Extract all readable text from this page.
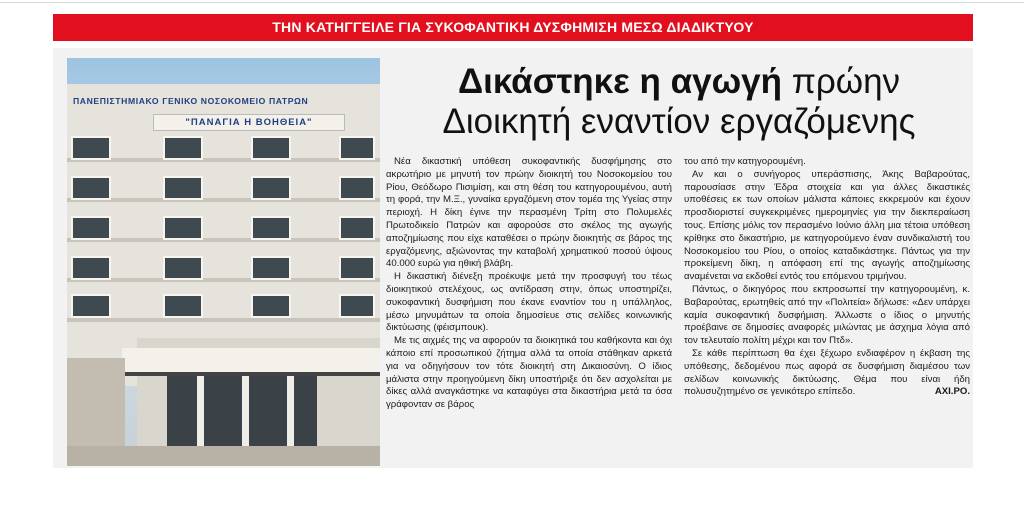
ΤΗΝ ΚΑΤΗΓΓΕΙΛΕ ΓΙΑ ΣΥΚΟΦΑΝΤΙΚΗ ΔΥΣΦΗΜΙΣΗ ΜΕΣΩ ΔΙΑΔΙΚΤΥΟΥ
ΠΑΝΕΠΙΣΤΗΜΙΑΚΟ ΓΕΝΙΚΟ ΝΟΣΟΚΟΜΕΙΟ ΠΑΤΡΩΝ
"ΠΑΝΑΓΙΑ Η ΒΟΗΘΕΙΑ"
Δικάστηκε η αγωγή πρώην
Διοικητή εναντίον εργαζόμενης

Νέα δικαστική υπόθεση συκοφαντικής δυσφήμησης στο ακρωτήριο με μηνυτή τον πρώην διοικητή του Νοσοκομείου του Ρίου, Θεόδωρο Πισιμίση, και στη θέση του κατηγορουμένου, αυτή τη φορά, την Μ.Ξ., γυναίκα εργαζόμενη στον τομέα της Υγείας στην περιοχή. Η δίκη έγινε την περασμένη Τρίτη στο Πολυμελές Πρωτοδικείο Πατρών και αφορούσε στο σκέλος της αγωγής αποζημίωσης που είχε καταθέσει ο πρώην διοικητής σε βάρος της εργαζόμενης, αξιώνοντας την καταβολή χρηματικού ποσού ύψους 40.000 ευρώ για ηθική βλάβη.

Η δικαστική διένεξη προέκυψε μετά την προσφυγή του τέως διοικητικού στελέχους, ως αντίδραση στην, όπως υποστηρίζει, συκοφαντική δυσφήμιση που έκανε εναντίον του η υπάλληλος, μέσω μηνυμάτων τα οποία δημοσίευε στις σελίδες κοινωνικής δικτύωσης (φέισμπουκ).

Με τις αιχμές της να αφορούν τα διοικητικά του καθήκοντα και όχι κάποιο επί προσωπικού ζήτημα αλλά τα οποία στάθηκαν αρκετά για να οδηγήσουν τον τότε διοικητή στη Δικαιοσύνη. Ο ίδιος μάλιστα στην προηγούμενη δίκη υποστήριξε ότι δεν ασχολείται με δίκες αλλά αναγκάστηκε να καταφύγει στα δικαστήρια μετά τα όσα γράφονταν σε βάρος

του από την κατηγορουμένη.

Αν και ο συνήγορος υπεράσπισης, Άκης Βαβαρούτας, παρουσίασε στην Έδρα στοιχεία και για άλλες δικαστικές υποθέσεις εκ των οποίων μάλιστα κάποιες εκκρεμούν και έχουν προσδιοριστεί συγκεκριμένες ημερομηνίες για την διεκπεραίωση τους. Επίσης μόλις τον περασμένο Ιούνιο άλλη μια τέτοια υπόθεση κρίθηκε στο δικαστήριο, με κατηγορούμενο έναν συνδικαλιστή του Νοσοκομείου του Ρίου, ο οποίος καταδικάστηκε. Πάντως για την προκείμενη δίκη, η απόφαση επί της αγωγής αποζημίωσης αναμένεται να εκδοθεί εντός του επόμενου τριμήνου.

Πάντως, ο δικηγόρος που εκπροσωπεί την κατηγορουμένη, κ. Βαβαρούτας, ερωτηθείς από την «Πολιτεία» δήλωσε: «Δεν υπάρχει καμία συκοφαντική δυσφήμιση. Άλλωστε ο ίδιος ο μηνυτής προέβαινε σε δημοσίες αναφορές μιλώντας με άσχημα λόγια από τον τελευταίο πολίτη μέχρι και τον Πτδ».

Σε κάθε περίπτωση θα έχει ξέχωρο ενδιαφέρον η έκβαση της υπόθεσης, δεδομένου πως αφορά σε δυσφήμιση διαμέσου των σελίδων κοινωνικής δικτύωσης. Θέμα που είναι ήδη πολυσυζητημένο σε γενικότερο επίπεδο.	ΑΧΙ.ΡΟ.
